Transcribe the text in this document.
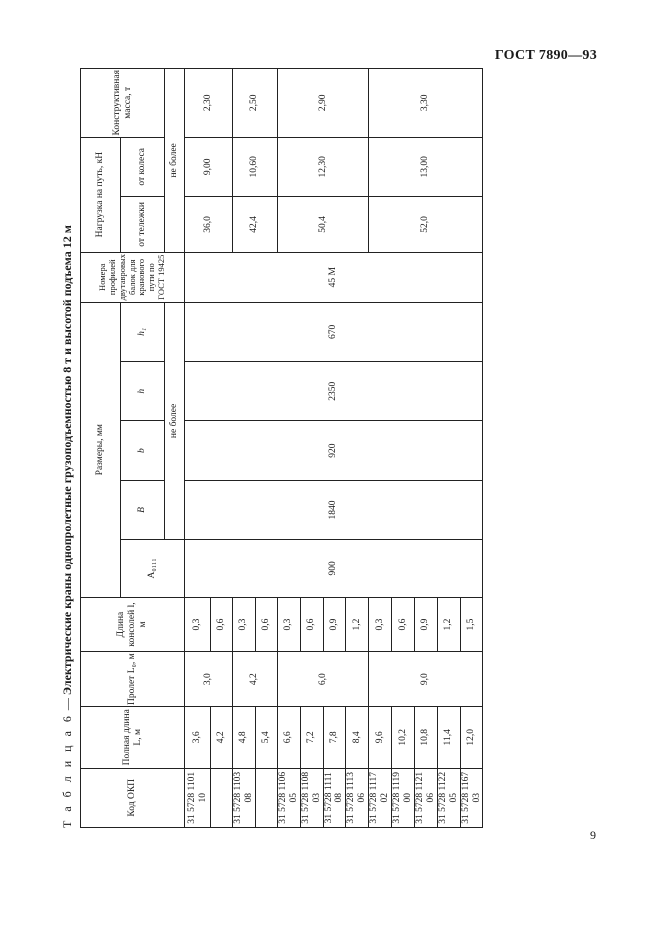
ГОСТ 7890—93
9
Т а б л и ц а 6 — Электрические краны однопролетные грузоподъемностью 8 т и высотой подъема 12 м
Код ОКП	Полная длина L, м	Пролет L₀, м	Длина консолей l, м	Размеры, мм					Номера профилей двутавровых балок для кранового пути по ГОСТ 19425	Нагрузка на путь, кН		Конструктивная масса, т
				A₀₁₁₁	B	b	h	h₁		от тележки	от колеса	
					не более					не более		
31 5728 1101 10	3,6	3,0	0,3	900	1840	920	2350	670	45 М	36,0	9,00	2,30
	4,2		0,6									
31 5728 1103 08	4,8	4,2	0,3							42,4	10,60	2,50
	5,4		0,6									
31 5728 1106 05	6,6	6,0	0,3							50,4	12,30	2,90
31 5728 1108 03	7,2		0,6									
31 5728 1111 08	7,8		0,9									
31 5728 1113 06	8,4		1,2									
31 5728 1117 02	9,6	9,0	0,3							52,0	13,00	3,30
31 5728 1119 00	10,2		0,6									
31 5728 1121 06	10,8		0,9									
31 5728 1122 05	11,4		1,2									
31 5728 1167 03	12,0		1,5									
